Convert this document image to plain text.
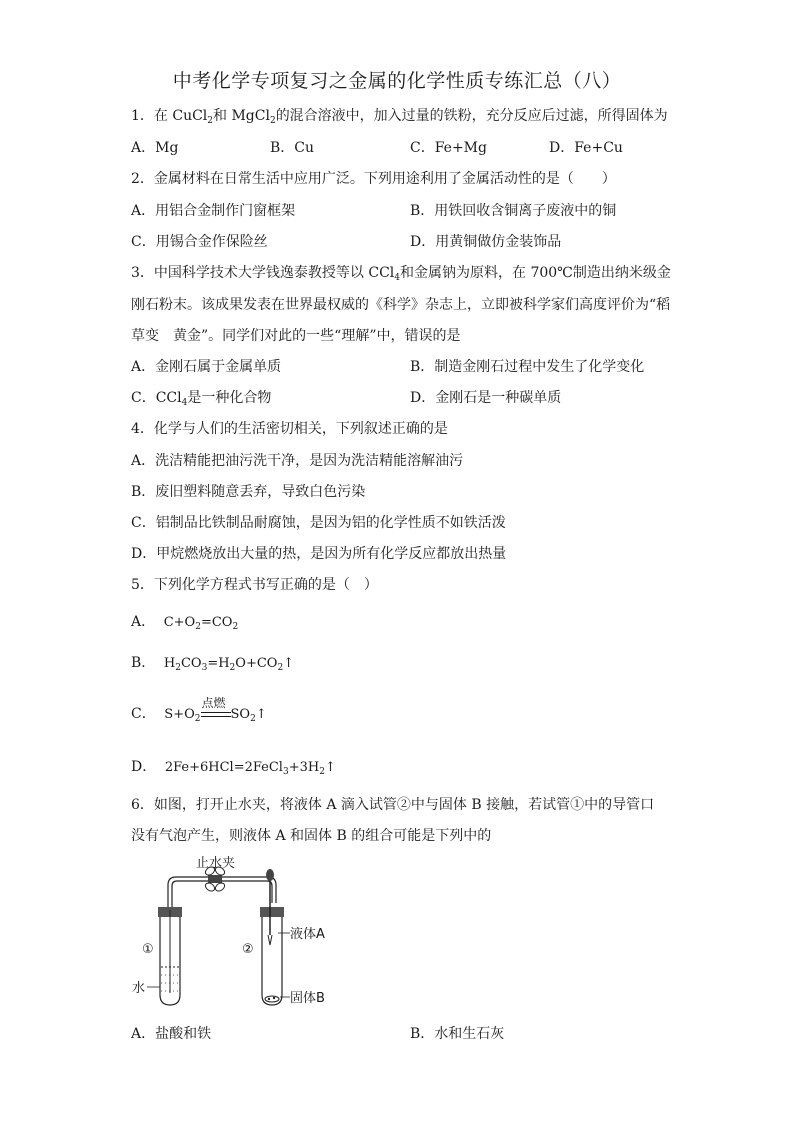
中考化学专项复习之金属的化学性质专练汇总（八）
1．在 CuCl$_2$和 MgCl$_2$的混合溶液中，加入过量的铁粉，充分反应后过滤，所得固体为
A．Mg	B．Cu	C．Fe+Mg	D．Fe+Cu
2．金属材料在日常生活中应用广泛。下列用途利用了金属活动性的是（　　）
A．用铝合金制作门窗框架	B．用铁回收含铜离子废液中的铜
C．用锡合金作保险丝	D．用黄铜做仿金装饰品
3．中国科学技术大学钱逸泰教授等以 CCl$_4$和金属钠为原料，在 700℃制造出纳米级金
刚石粉末。该成果发表在世界最权威的《科学》杂志上，立即被科学家们高度评价为“稻
草变　黄金”。同学们对此的一些“理解”中，错误的是
A．金刚石属于金属单质	B．制造金刚石过程中发生了化学变化
C．CCl$_4$是一种化合物	D．金刚石是一种碳单质
4．化学与人们的生活密切相关，下列叙述正确的是
A．洗洁精能把油污洗干净，是因为洗洁精能溶解油污
B．废旧塑料随意丢弃，导致白色污染
C．铝制品比铁制品耐腐蚀，是因为铝的化学性质不如铁活泼
D．甲烷燃烧放出大量的热，是因为所有化学反应都放出热量
5．下列化学方程式书写正确的是（　）
A．  $C+O_2=CO_2$
B．  $H_2CO_3=H_2O+CO_2↑$
C．  $S+O_2$
点燃
$SO_2↑$
D．  $2Fe+6HCl=2FeCl_3+3H_2↑$
6．如图，打开止水夹，将液体 A 滴入试管②中与固体 B 接触，若试管①中的导管口
没有气泡产生，则液体 A 和固体 B 的组合可能是下列中的
止水夹
①
水
②
液体A
固体B
A．盐酸和铁	B．水和生石灰
